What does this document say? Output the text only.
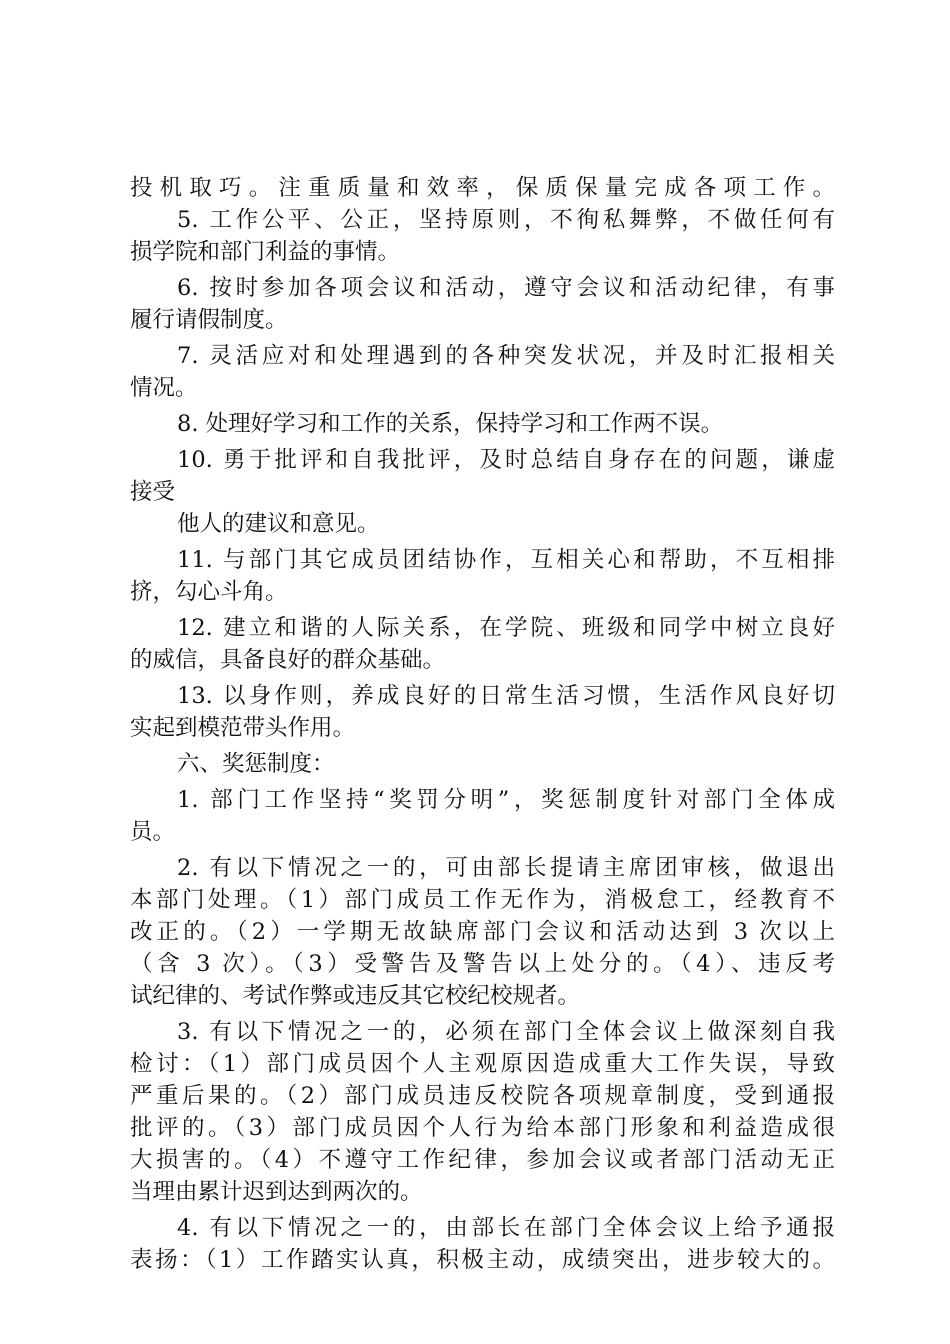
投机取巧。注重质量和效率，保质保量完成各项工作。
5. 工作公平、公正，坚持原则，不徇私舞弊，不做任何有
损学院和部门利益的事情。
6. 按时参加各项会议和活动，遵守会议和活动纪律，有事
履行请假制度。
7. 灵活应对和处理遇到的各种突发状况，并及时汇报相关
情况。
8. 处理好学习和工作的关系，保持学习和工作两不误。
10. 勇于批评和自我批评，及时总结自身存在的问题，谦虚
接受
他人的建议和意见。
11. 与部门其它成员团结协作，互相关心和帮助，不互相排
挤，勾心斗角。
12. 建立和谐的人际关系，在学院、班级和同学中树立良好
的威信，具备良好的群众基础。
13. 以身作则，养成良好的日常生活习惯，生活作风良好切
实起到模范带头作用。
六、奖惩制度：
1. 部门工作坚持“奖罚分明”，奖惩制度针对部门全体成
员。
2. 有以下情况之一的，可由部长提请主席团审核，做退出
本部门处理。（1）部门成员工作无作为，消极怠工，经教育不
改正的。（2）一学期无故缺席部门会议和活动达到 3 次以上
（含 3 次）。（3）受警告及警告以上处分的。（4）、违反考
试纪律的、考试作弊或违反其它校纪校规者。
3. 有以下情况之一的，必须在部门全体会议上做深刻自我
检讨：（1）部门成员因个人主观原因造成重大工作失误，导致
严重后果的。（2）部门成员违反校院各项规章制度，受到通报
批评的。（3）部门成员因个人行为给本部门形象和利益造成很
大损害的。（4）不遵守工作纪律，参加会议或者部门活动无正
当理由累计迟到达到两次的。
4. 有以下情况之一的，由部长在部门全体会议上给予通报
表扬：（1）工作踏实认真，积极主动，成绩突出，进步较大的。
